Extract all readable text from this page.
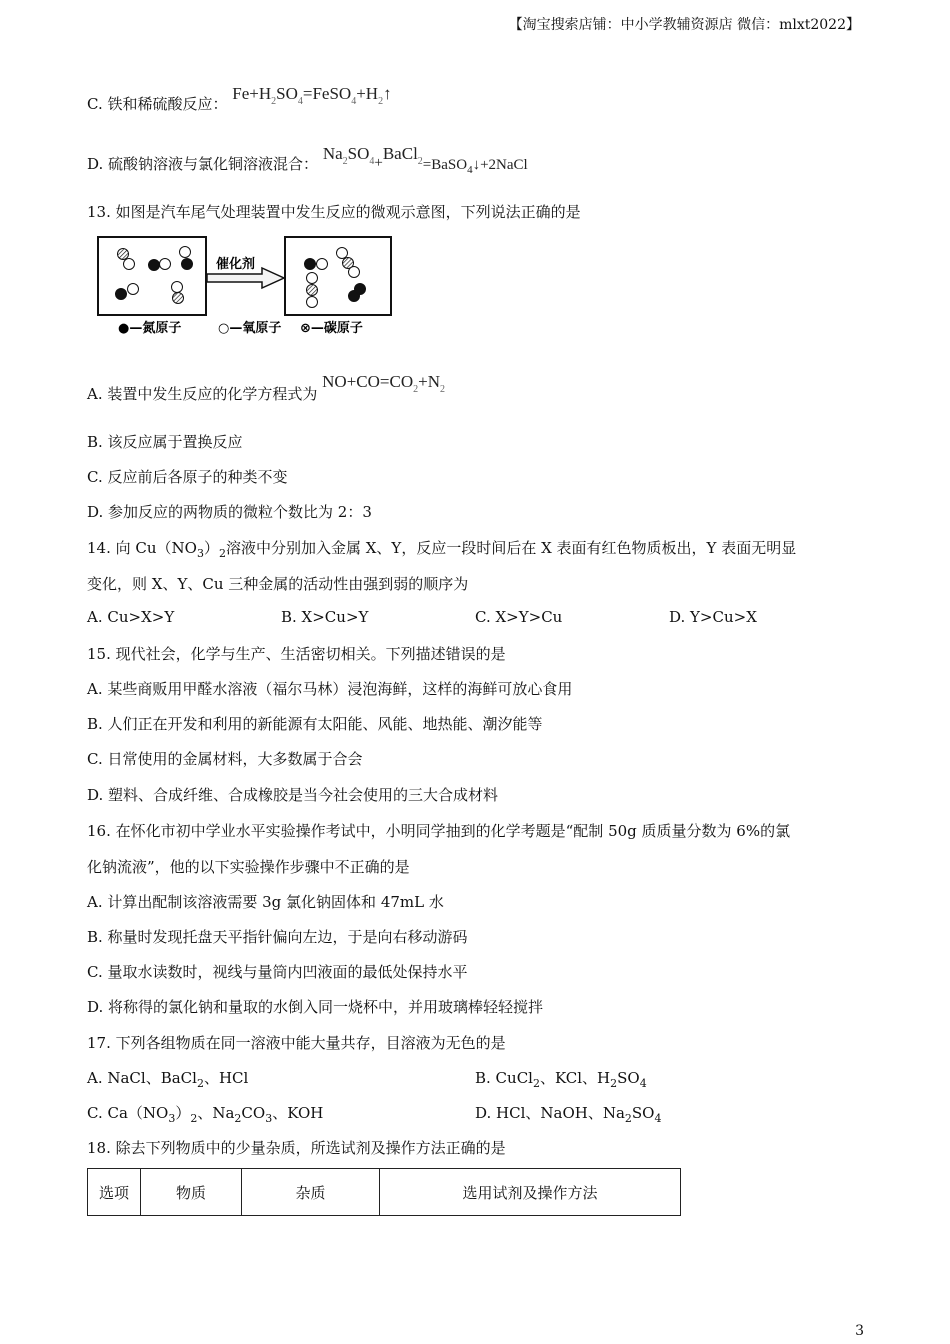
【淘宝搜索店铺：中小学教辅资源店 微信：mlxt2022】
C. 铁和稀硫酸反应： $Fe+H_2SO_4=FeSO_4+H_2↑$
D. 硫酸钠溶液与氯化铜溶液混合： $Na_2SO_4+BaCl_2=BaSO_4↓+2NaCl$
13. 如图是汽车尾气处理装置中发生反应的微观示意图，下列说法正确的是
催化剂
●—氮原子	○—氧原子 ⊗—碳原子
A. 装置中发生反应的化学方程式为 $NO+CO=CO_2+N_2$
B. 该反应属于置换反应
C. 反应前后各原子的种类不变
D. 参加反应的两物质的微粒个数比为 2：3
14. 向 $Cu(NO_3)_2$溶液中分别加入金属 X、Y，反应一段时间后在 X 表面有红色物质板出，Y 表面无明显
变化，则 X、Y、Cu 三种金属的活动性由强到弱的顺序为
A. Cu>X>Y	B. X>Cu>Y	C. X>Y>Cu	D. Y>Cu>X
15. 现代社会，化学与生产、生活密切相关。下列描述错误的是
A. 某些商贩用甲醛水溶液（福尔马林）浸泡海鲜，这样的海鲜可放心食用
B. 人们正在开发和利用的新能源有太阳能、风能、地热能、潮汐能等
C. 日常使用的金属材料，大多数属于合会
D. 塑料、合成纤维、合成橡胶是当今社会使用的三大合成材料
16. 在怀化市初中学业水平实验操作考试中，小明同学抽到的化学考题是“配制 50g 质质量分数为 6%的氯
化钠流液”，他的以下实验操作步骤中不正确的是
A. 计算出配制该溶液需要 3g 氯化钠固体和 47mL 水
B. 称量时发现托盘天平指针偏向左边，于是向右移动游码
C. 量取水读数时，视线与量筒内凹液面的最低处保持水平
D. 将称得的氯化钠和量取的水倒入同一烧杯中，并用玻璃棒轻轻搅拌
17. 下列各组物质在同一溶液中能大量共存，目溶液为无色的是
A. NaCl、BaCl$_2$、HCl	B. CuCl$_2$、KCl、$H_2SO_4$
C. $Ca(NO_3)_2$、$Na_2CO_3$、KOH	D. HCl、NaOH、$Na_2SO_4$
18. 除去下列物质中的少量杂质，所选试剂及操作方法正确的是
选项	物质	杂质	选用试剂及操作方法
3
